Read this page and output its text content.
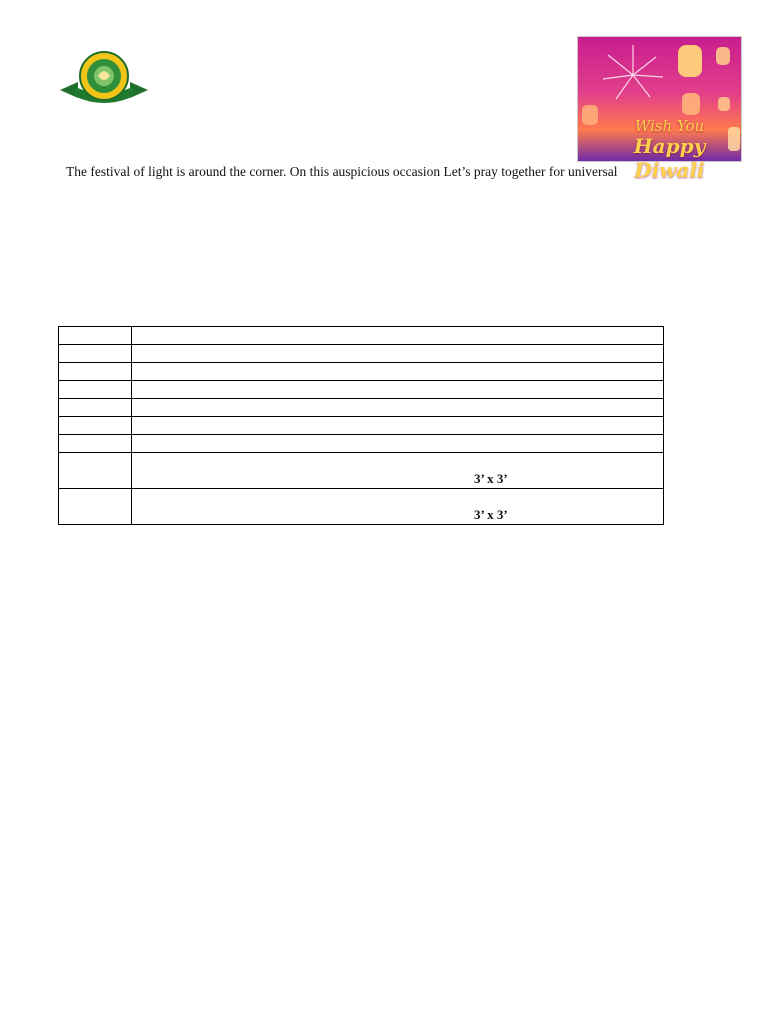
Wish You
Happy Diwali
The festival of light is around the corner. On this auspicious occasion Let’s pray together for universal

	3’ x 3’

	3’ x 3’
